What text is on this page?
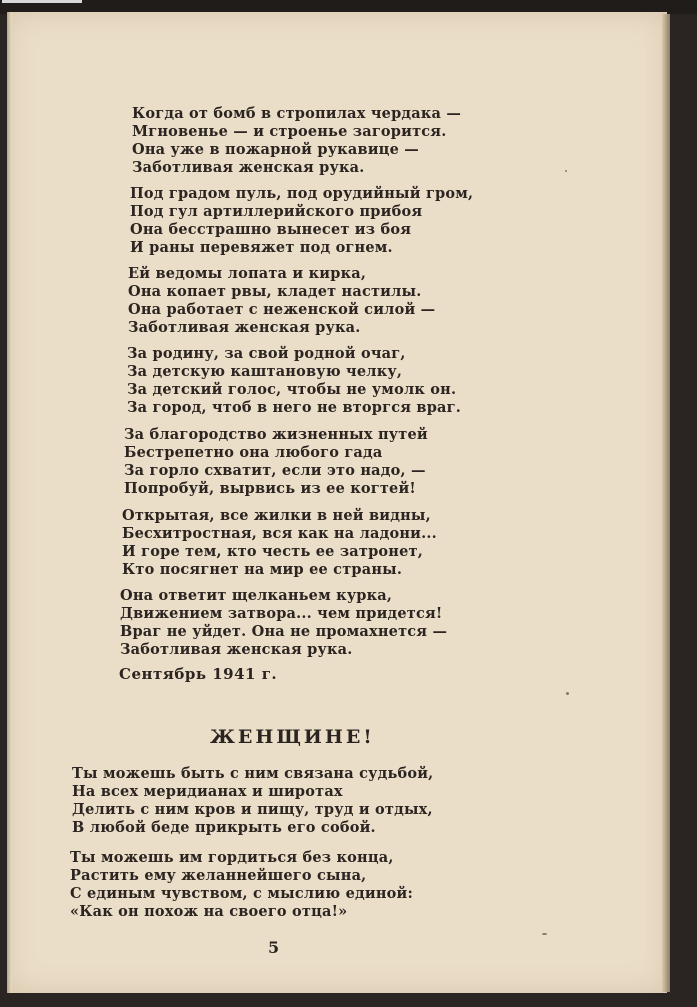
Когда от бомб в стропилах чердака —
Мгновенье — и строенье загорится.
Она уже в пожарной рукавице —
Заботливая женская рука.
Под градом пуль, под орудийный гром,
Под гул артиллерийского прибоя
Она бесстрашно вынесет из боя
И раны перевяжет под огнем.
Ей ведомы лопата и кирка,
Она копает рвы, кладет настилы.
Она работает с неженской силой —
Заботливая женская рука.
За родину, за свой родной очаг,
За детскую каштановую челку,
За детский голос, чтобы не умолк он.
За город, чтоб в него не вторгся враг.
За благородство жизненных путей
Бестрепетно она любого гада
За горло схватит, если это надо, —
Попробуй, вырвись из ее когтей!
Открытая, все жилки в ней видны,
Бесхитростная, вся как на ладони...
И горе тем, кто честь ее затронет,
Кто посягнет на мир ее страны.
Она ответит щелканьем курка,
Движением затвора... чем придется!
Враг не уйдет. Она не промахнется —
Заботливая женская рука.
Сентябрь 1941 г.
ЖЕНЩИНЕ!
Ты можешь быть с ним связана судьбой,
На всех меридианах и широтах
Делить с ним кров и пищу, труд и отдых,
В любой беде прикрыть его собой.
Ты можешь им гордиться без конца,
Растить ему желаннейшего сына,
С единым чувством, с мыслию единой:
«Как он похож на своего отца!»
5
